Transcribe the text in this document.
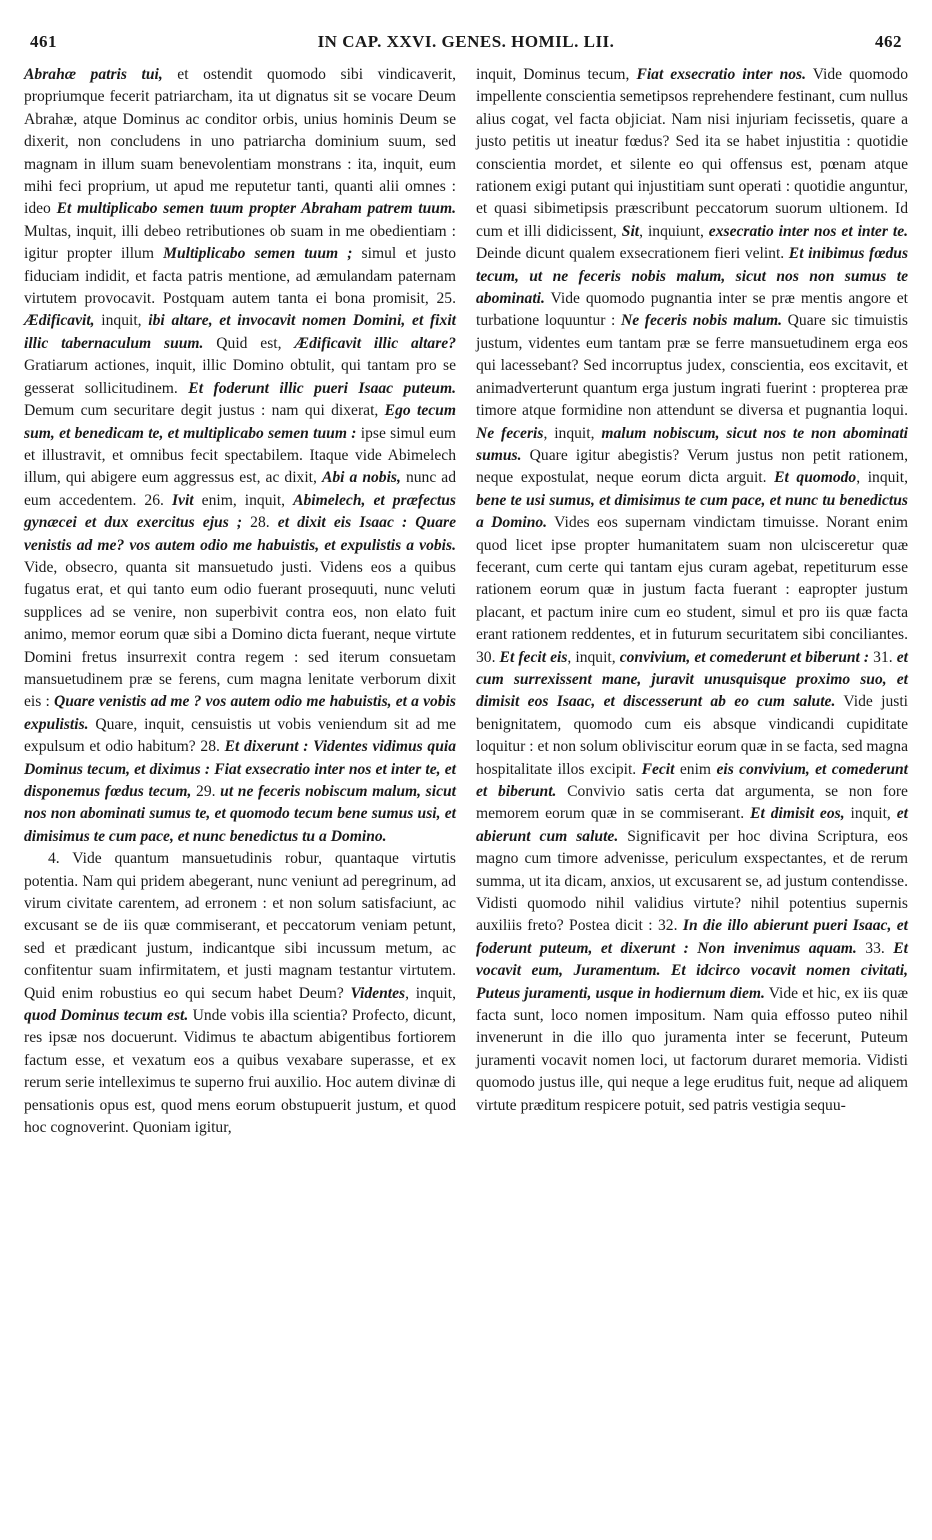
461	IN CAP. XXVI. GENES. HOMIL. LII.	462

Abrahæ patris tui, et ostendit quomodo sibi vindicaverit, propriumque fecerit patriarcham, ita ut dignatus sit se vocare Deum Abrahæ, atque Dominus ac conditor orbis, unius hominis Deum se dixerit, non concludens in uno patriarcha dominium suum, sed magnam in illum suam benevolentiam monstrans : ita, inquit, eum mihi feci proprium, ut apud me reputetur tanti, quanti alii omnes : ideo Et multiplicabo semen tuum propter Abraham patrem tuum. Multas, inquit, illi debeo retributiones ob suam in me obedientiam : igitur propter illum Multiplicabo semen tuum ; simul et justo fiduciam indidit, et facta patris mentione, ad æmulandam paternam virtutem provocavit. Postquam autem tanta ei bona promisit, 25. Ædificavit, inquit, ibi altare, et invocavit nomen Domini, et fixit illic tabernaculum suum. Quid est, Ædificavit illic altare? Gratiarum actiones, inquit, illic Domino obtulit, qui tantam pro se gesserat sollicitudinem. Et foderunt illic pueri Isaac puteum. Demum cum securitare degit justus : nam qui dixerat, Ego tecum sum, et benedicam te, et multiplicabo semen tuum : ipse simul eum et illustravit, et omnibus fecit spectabilem. Itaque vide Abimelech illum, qui abigere eum aggressus est, ac dixit, Abi a nobis, nunc ad eum accedentem. 26. Ivit enim, inquit, Abimelech, et præfectus gynæcei et dux exercitus ejus ; 28. et dixit eis Isaac : Quare venistis ad me? vos autem odio me habuistis, et expulistis a vobis. Vide, obsecro, quanta sit mansuetudo justi. Videns eos a quibus fugatus erat, et qui tanto eum odio fuerant prosequuti, nunc veluti supplices ad se venire, non superbivit contra eos, non elato fuit animo, memor eorum quæ sibi a Domino dicta fuerant, neque virtute Domini fretus insurrexit contra regem : sed iterum consuetam mansuetudinem præ se ferens, cum magna lenitate verborum dixit eis : Quare venistis ad me ? vos autem odio me habuistis, et a vobis expulistis. Quare, inquit, censuistis ut vobis veniendum sit ad me expulsum et odio habitum? 28. Et dixerunt : Videntes vidimus quia Dominus tecum, et diximus : Fiat exsecratio inter nos et inter te, et disponemus fœdus tecum, 29. ut ne feceris nobiscum malum, sicut nos non abominati sumus te, et quomodo tecum bene sumus usi, et dimisimus te cum pace, et nunc benedictus tu a Domino.

4. Vide quantum mansuetudinis robur, quantaque virtutis potentia. Nam qui pridem abegerant, nunc veniunt ad peregrinum, ad virum civitate carentem, ad erronem : et non solum satisfaciunt, ac excusant se de iis quæ commiserant, et peccatorum veniam petunt, sed et prædicant justum, indicantque sibi incussum metum, ac confitentur suam infirmitatem, et justi magnam testantur virtutem. Quid enim robustius eo qui secum habet Deum? Videntes, inquit, quod Dominus tecum est. Unde vobis illa scientia? Profecto, dicunt, res ipsæ nos docuerunt. Vidimus te abactum abigentibus fortiorem factum esse, et vexatum eos a quibus vexabare superasse, et ex rerum serie intelleximus te superno frui auxilio. Hoc autem divinæ di pensationis opus est, quod mens eorum obstupuerit justum, et quod hoc cognoverint. Quoniam igitur,

inquit, Dominus tecum, Fiat exsecratio inter nos. Vide quomodo impellente conscientia semetipsos reprehendere festinant, cum nullus alius cogat, vel facta objiciat. Nam nisi injuriam fecissetis, quare a justo petitis ut ineatur fœdus? Sed ita se habet injustitia : quotidie conscientia mordet, et silente eo qui offensus est, pœnam atque rationem exigi putant qui injustitiam sunt operati : quotidie anguntur, et quasi sibimetipsis præscribunt peccatorum suorum ultionem. Id cum et illi didicissent, Sit, inquiunt, exsecratio inter nos et inter te. Deinde dicunt qualem exsecrationem fieri velint. Et inibimus fœdus tecum, ut ne feceris nobis malum, sicut nos non sumus te abominati. Vide quomodo pugnantia inter se præ mentis angore et turbatione loquuntur : Ne feceris nobis malum. Quare sic timuistis justum, videntes eum tantam præ se ferre mansuetudinem erga eos qui lacessebant? Sed incorruptus judex, conscientia, eos excitavit, et animadverterunt quantum erga justum ingrati fuerint : propterea præ timore atque formidine non attendunt se diversa et pugnantia loqui. Ne feceris, inquit, malum nobiscum, sicut nos te non abominati sumus. Quare igitur abegistis? Verum justus non petit rationem, neque expostulat, neque eorum dicta arguit. Et quomodo, inquit, bene te usi sumus, et dimisimus te cum pace, et nunc tu benedictus a Domino. Vides eos supernam vindictam timuisse. Norant enim quod licet ipse propter humanitatem suam non ulcisceretur quæ fecerant, cum certe qui tantam ejus curam agebat, repetiturum esse rationem eorum quæ in justum facta fuerant : eapropter justum placant, et pactum inire cum eo student, simul et pro iis quæ facta erant rationem reddentes, et in futurum securitatem sibi conciliantes. 30. Et fecit eis, inquit, convivium, et comederunt et biberunt : 31. et cum surrexissent mane, juravit unusquisque proximo suo, et dimisit eos Isaac, et discesserunt ab eo cum salute. Vide justi benignitatem, quomodo cum eis absque vindicandi cupiditate loquitur : et non solum obliviscitur eorum quæ in se facta, sed magna hospitalitate illos excipit. Fecit enim eis convivium, et comederunt et biberunt. Convivio satis certa dat argumenta, se non fore memorem eorum quæ in se commiserant. Et dimisit eos, inquit, et abierunt cum salute. Significavit per hoc divina Scriptura, eos magno cum timore advenisse, periculum exspectantes, et de rerum summa, ut ita dicam, anxios, ut excusarent se, ad justum contendisse. Vidisti quomodo nihil validius virtute? nihil potentius supernis auxiliis freto? Postea dicit : 32. In die illo abierunt pueri Isaac, et foderunt puteum, et dixerunt : Non invenimus aquam. 33. Et vocavit eum, Juramentum. Et idcirco vocavit nomen civitati, Puteus juramenti, usque in hodiernum diem. Vide et hic, ex iis quæ facta sunt, loco nomen impositum. Nam quia effosso puteo nihil invenerunt in die illo quo juramenta inter se fecerunt, Puteum juramenti vocavit nomen loci, ut factorum duraret memoria. Vidisti quomodo justus ille, qui neque a lege eruditus fuit, neque ad aliquem virtute præditum respicere potuit, sed patris vestigia sequu-
